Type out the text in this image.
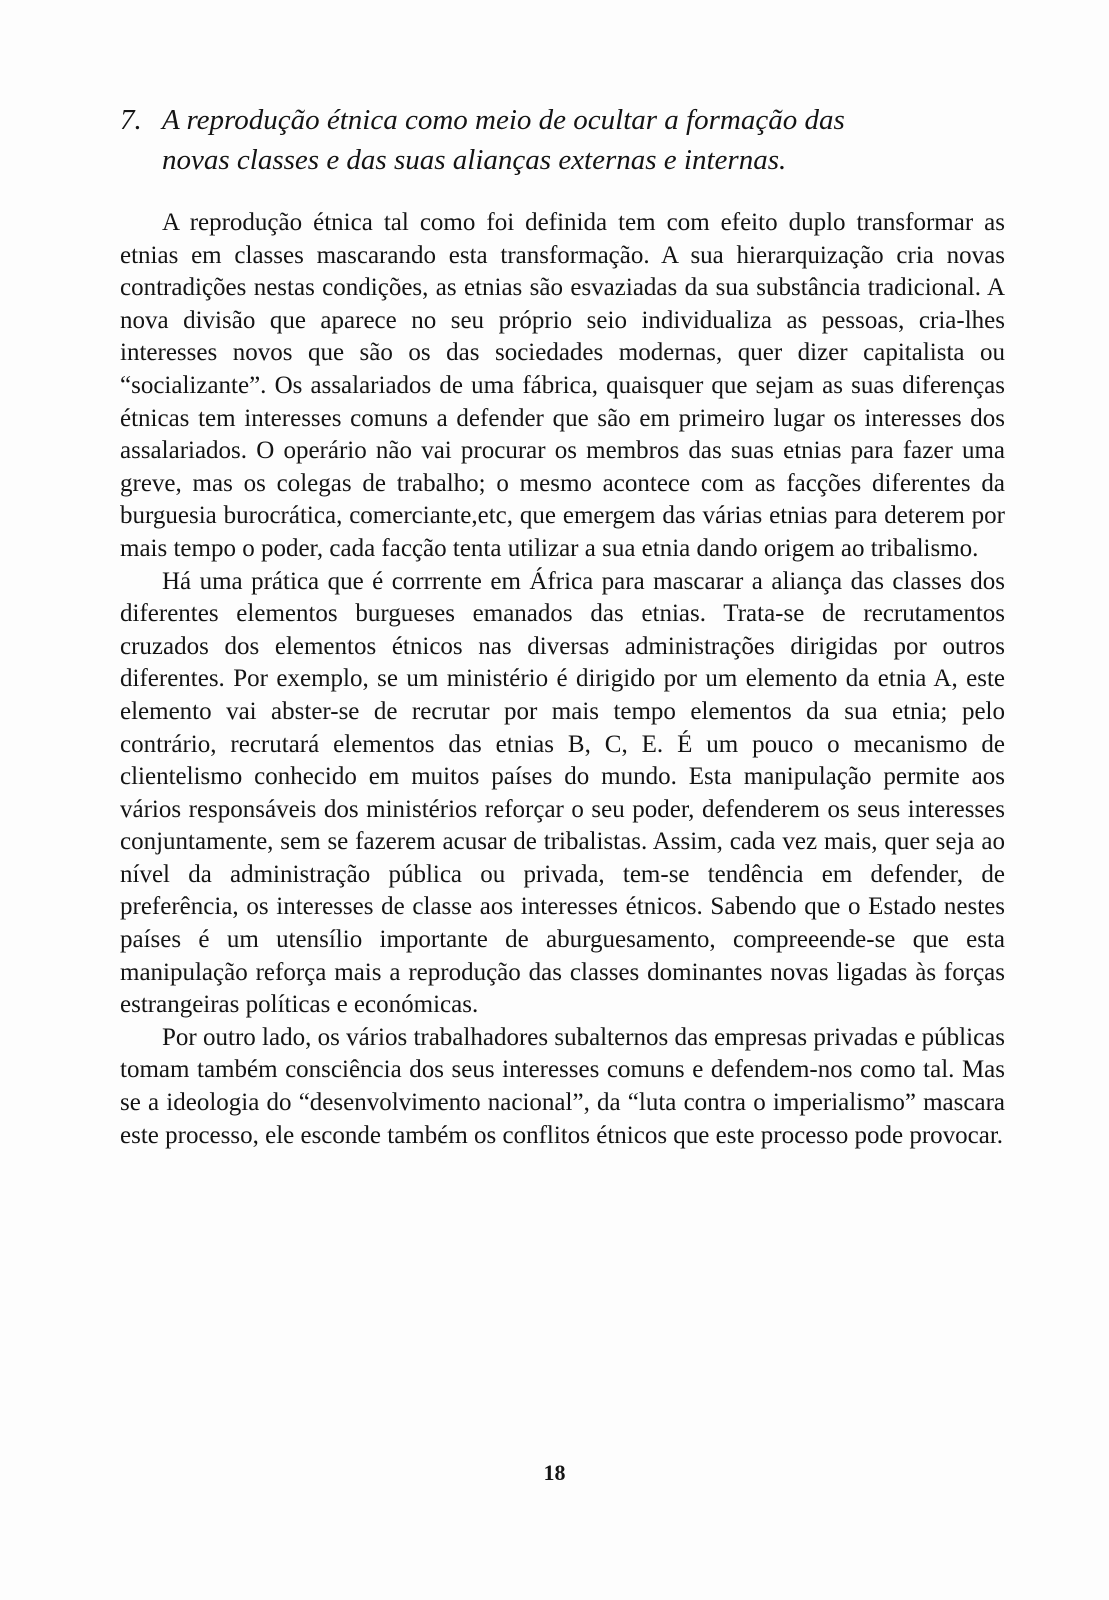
7. A reprodução étnica como meio de ocultar a formação das
novas classes e das suas alianças externas e internas.

A reprodução étnica tal como foi definida tem com efeito duplo transformar as etnias em classes mascarando esta transformação. A sua hierarquização cria novas contradições nestas condições, as etnias são esvaziadas da sua substância tradicional. A nova divisão que aparece no seu próprio seio individualiza as pessoas, cria-lhes interesses novos que são os das sociedades modernas, quer dizer capitalista ou “socializante”. Os assalariados de uma fábrica, quaisquer que sejam as suas diferenças étnicas tem interesses comuns a defender que são em primeiro lugar os interesses dos assalariados. O operário não vai procurar os membros das suas etnias para fazer uma greve, mas os colegas de trabalho; o mesmo acontece com as facções diferentes da burguesia burocrática, comerciante,etc, que emergem das várias etnias para deterem por mais tempo o poder, cada facção tenta utilizar a sua etnia dando origem ao tribalismo.

Há uma prática que é corrrente em África para mascarar a aliança das classes dos diferentes elementos burgueses emanados das etnias. Trata-se de recrutamentos cruzados dos elementos étnicos nas diversas administrações dirigidas por outros diferentes. Por exemplo, se um ministério é dirigido por um elemento da etnia A, este elemento vai abster-se de recrutar por mais tempo elementos da sua etnia; pelo contrário, recrutará elementos das etnias B, C, E. É um pouco o mecanismo de clientelismo conhecido em muitos países do mundo. Esta manipulação permite aos vários responsáveis dos ministérios reforçar o seu poder, defenderem os seus interesses conjuntamente, sem se fazerem acusar de tribalistas. Assim, cada vez mais, quer seja ao nível da administração pública ou privada, tem-se tendência em defender, de preferência, os interesses de classe aos interesses étnicos. Sabendo que o Estado nestes países é um utensílio importante de aburguesamento, compreeende-se que esta manipulação reforça mais a reprodução das classes dominantes novas ligadas às forças estrangeiras políticas e económicas.

Por outro lado, os vários trabalhadores subalternos das empresas privadas e públicas tomam também consciência dos seus interesses comuns e defendem-nos como tal. Mas se a ideologia do “desenvolvimento nacional”, da “luta contra o imperialismo” mascara este processo, ele esconde também os conflitos étnicos que este processo pode provocar.

18
